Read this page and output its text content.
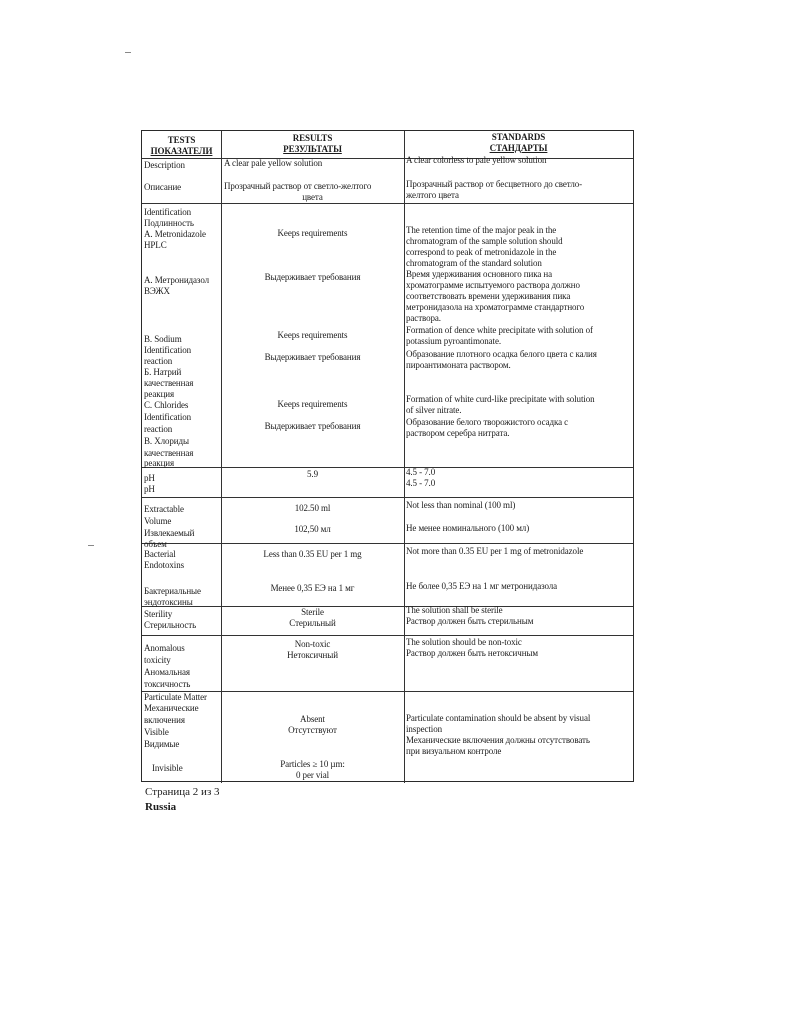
TESTS
ПОКАЗАТЕЛИ
RESULTS
РЕЗУЛЬТАТЫ
STANDARDS
СТАНДАРТЫ
Description
Описание
A clear pale yellow solution
Прозрачный раствор от светло-желтого
цвета
A clear colorless to pale yellow solution
Прозрачный раствор от бесцветного до светло-
желтого цвета
Identification
Подлинность
A. Metronidazole
HPLC
А. Метронидазол
ВЭЖХ
Keeps requirements
Выдерживает требования
The retention time of the major peak in the
chromatogram of the sample solution should
correspond to peak of metronidazole in the
chromatogram of the standard solution
Время удерживания основного пика на
хроматограмме испытуемого раствора должно
соответствовать времени удерживания пика
метронидазола на хроматограмме стандартного
раствора.
B. Sodium
Identification
reaction
Б. Натрий
качественная
реакция
Keeps requirements
Выдерживает требования
Formation of dence white precipitate with solution of
potassium pyroantimonate.
Образование плотного осадка белого цвета с калия
пироантимоната раствором.
C. Chlorides
Identification
reaction
В. Хлориды
качественная
реакция
Keeps requirements
Выдерживает требования
Formation of white curd-like precipitate with solution
of silver nitrate.
Образование белого творожистого осадка с
раствором серебра нитрата.
pH
pH
5.9	4.5 - 7.0
4.5 - 7.0
Extractable
Volume
Извлекаемый
объем
102.50 ml
102,50 мл
Not less than nominal (100 ml)
Не менее номинального (100 мл)
Bacterial
Endotoxins
Бактериальные
эндотоксины
Less than 0.35 EU per 1 mg
Менее 0,35 ЕЭ на 1 мг
Not more than 0.35 EU per 1 mg of metronidazole
Не более 0,35 ЕЭ на 1 мг метронидазола
Sterility
Стерильность
Sterile
Стерильный
The solution shall be sterile
Раствор должен быть стерильным
Anomalous
toxicity
Аномальная
токсичность
Non-toxic
Нетоксичный
The solution should be non-toxic
Раствор должен быть нетоксичным
Particulate Matter
Механические
включения
Visible
Видимые
Invisible
Absent
Отсутствуют
Particles ≥ 10 µm:
0 per vial
Particulate contamination should be absent by visual
inspection
Механические включения должны отсутствовать
при визуальном контроле
Страница 2 из 3
Russia
